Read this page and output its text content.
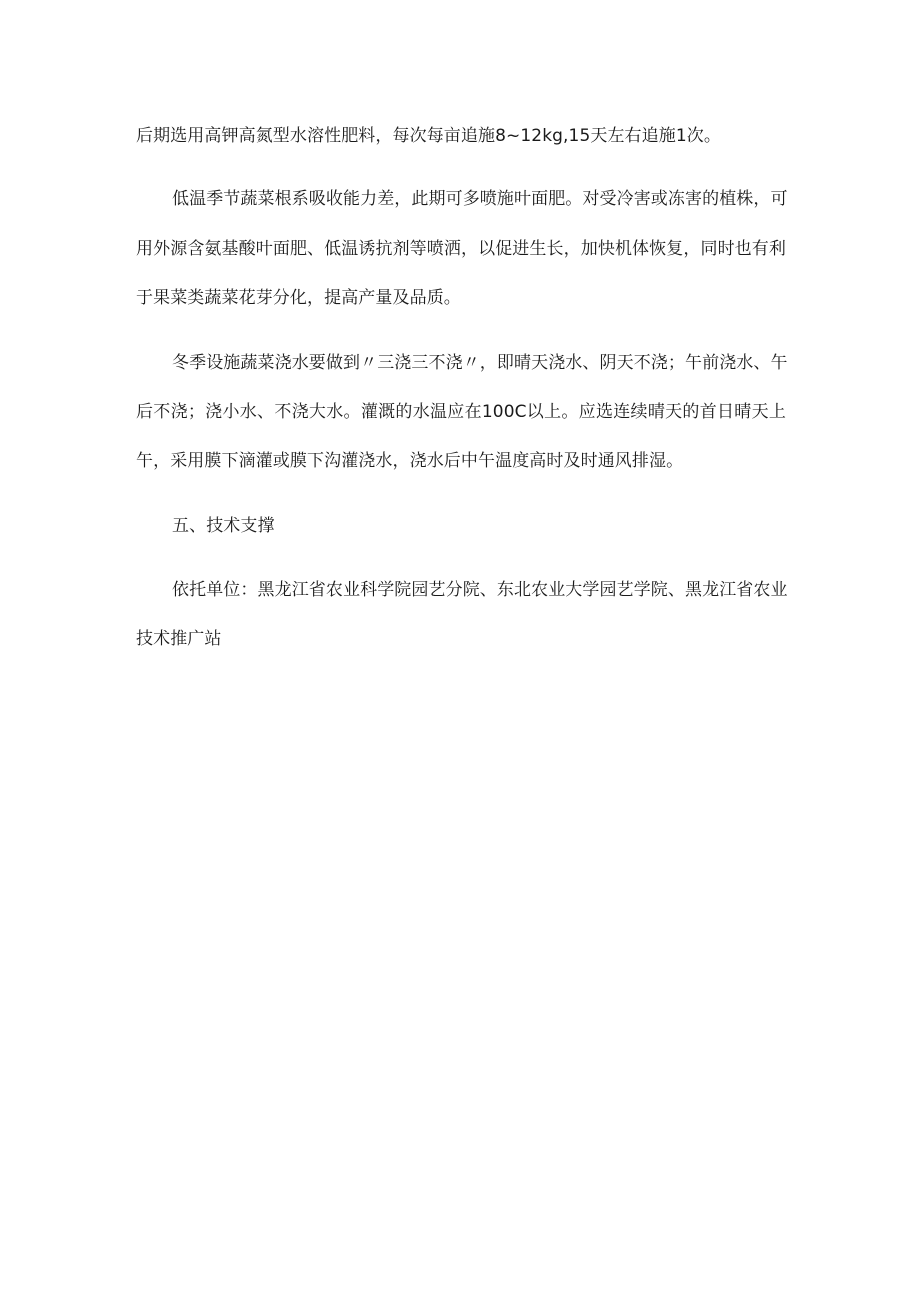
后期选用高钾高氮型水溶性肥料，每次每亩追施8~12kg,15天左右追施1次。
低温季节蔬菜根系吸收能力差，此期可多喷施叶面肥。对受冷害或冻害的植株，可
用外源含氨基酸叶面肥、低温诱抗剂等喷洒，以促进生长，加快机体恢复，同时也有利
于果菜类蔬菜花芽分化，提高产量及品质。
冬季设施蔬菜浇水要做到〃三浇三不浇〃，即晴天浇水、阴天不浇；午前浇水、午
后不浇；浇小水、不浇大水。灌溉的水温应在100C以上。应选连续晴天的首日晴天上
午，采用膜下滴灌或膜下沟灌浇水，浇水后中午温度高时及时通风排湿。
五、技术支撑
依托单位：黑龙江省农业科学院园艺分院、东北农业大学园艺学院、黑龙江省农业
技术推广站
